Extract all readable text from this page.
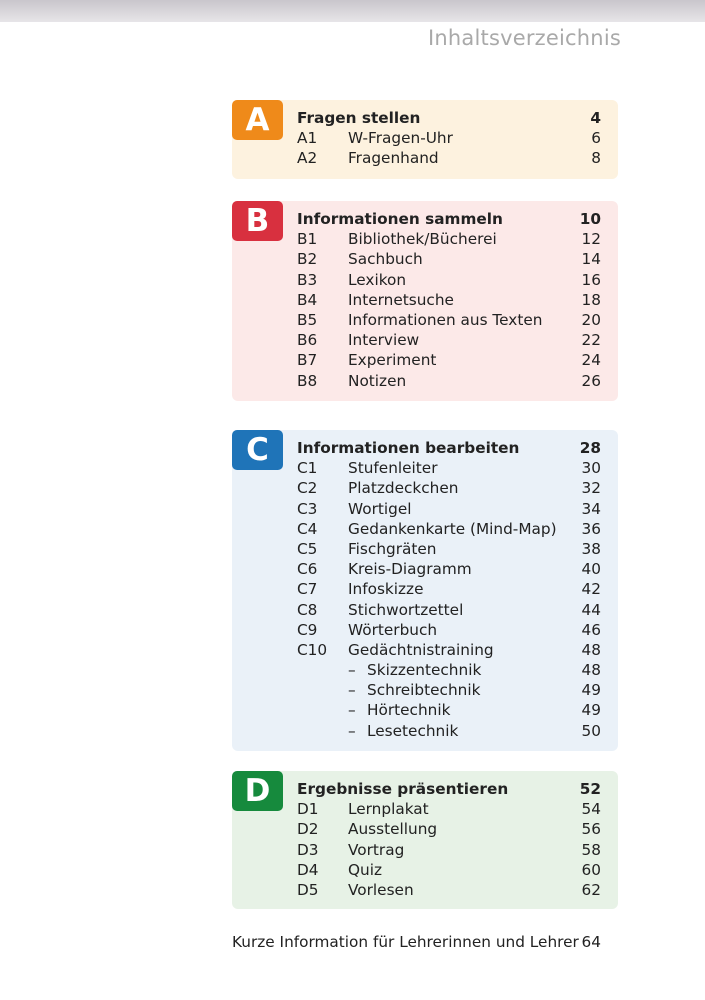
Inhaltsverzeichnis
A	Fragen stellen	4
A1 W-Fragen-Uhr	6
A2 Fragenhand	8
B	Informationen sammeln	10
B1 Bibliothek/Bücherei	12
B2 Sachbuch	14
B3 Lexikon	16
B4 Internetsuche	18
B5 Informationen aus Texten	20
B6 Interview	22
B7 Experiment	24
B8 Notizen	26
C	Informationen bearbeiten	28
C1 Stufenleiter	30
C2 Platzdeckchen	32
C3 Wortigel	34
C4 Gedankenkarte (Mind-Map) 36
C5 Fischgräten	38
C6 Kreis-Diagramm	40
C7 Infoskizze	42
C8 Stichwortzettel	44
C9 Wörterbuch	46
C10 Gedächtnistraining	48
– Skizzentechnik	48
– Schreibtechnik	49
– Hörtechnik	49
– Lesetechnik	50
D	Ergebnisse präsentieren	52
D1 Lernplakat	54
D2 Ausstellung	56
D3 Vortrag	58
D4 Quiz	60
D5 Vorlesen	62
Kurze Information für Lehrerinnen und Lehrer 64
